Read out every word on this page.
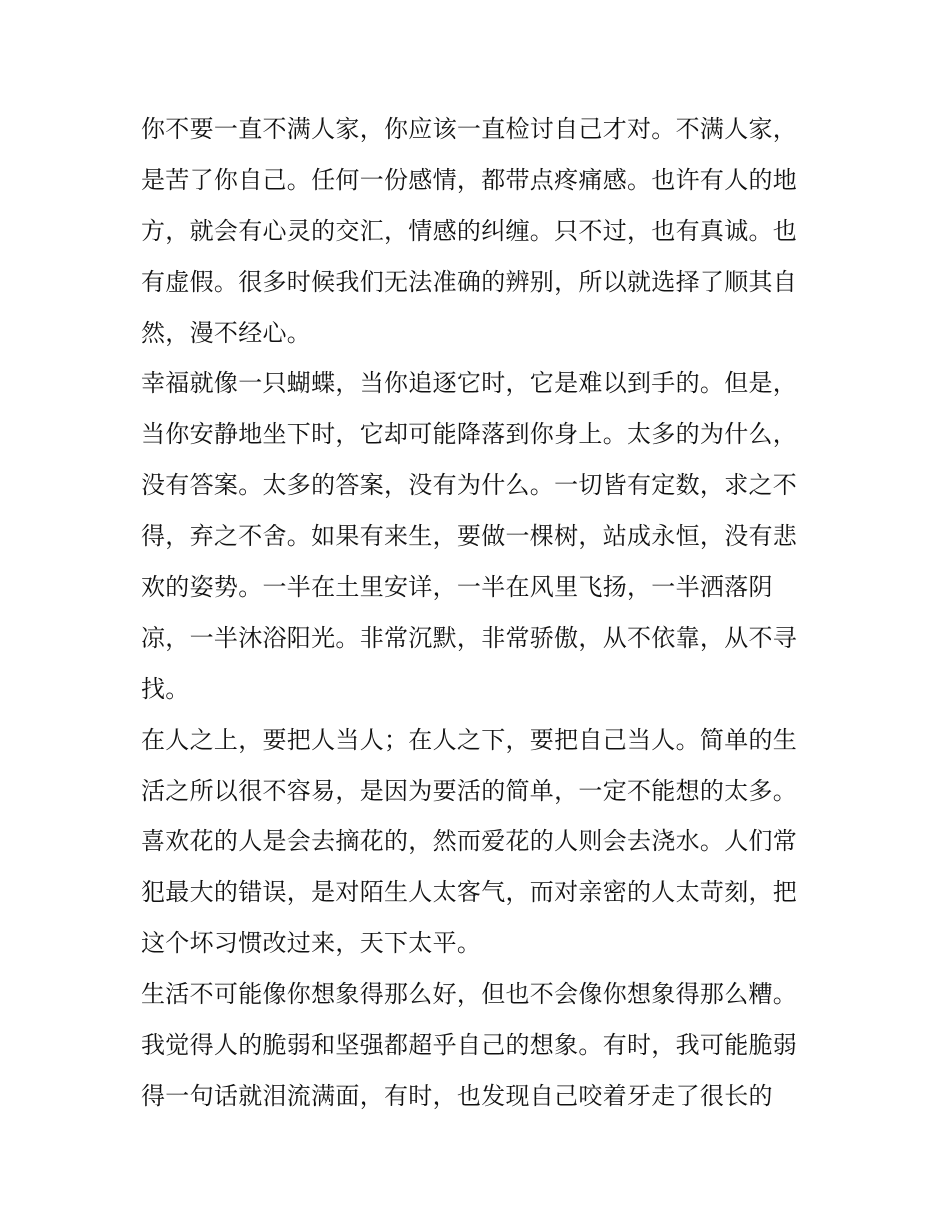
你不要一直不满人家，你应该一直检讨自己才对。不满人家，
是苦了你自己。任何一份感情，都带点疼痛感。也许有人的地
方，就会有心灵的交汇，情感的纠缠。只不过，也有真诚。也
有虚假。很多时候我们无法准确的辨别，所以就选择了顺其自
然，漫不经心。
幸福就像一只蝴蝶，当你追逐它时，它是难以到手的。但是，
当你安静地坐下时，它却可能降落到你身上。太多的为什么，
没有答案。太多的答案，没有为什么。一切皆有定数，求之不
得，弃之不舍。如果有来生，要做一棵树，站成永恒，没有悲
欢的姿势。一半在土里安详，一半在风里飞扬，一半洒落阴
凉，一半沐浴阳光。非常沉默，非常骄傲，从不依靠，从不寻
找。
在人之上，要把人当人；在人之下，要把自己当人。简单的生
活之所以很不容易，是因为要活的简单，一定不能想的太多。
喜欢花的人是会去摘花的，然而爱花的人则会去浇水。人们常
犯最大的错误，是对陌生人太客气，而对亲密的人太苛刻，把
这个坏习惯改过来，天下太平。
生活不可能像你想象得那么好，但也不会像你想象得那么糟。
我觉得人的脆弱和坚强都超乎自己的想象。有时，我可能脆弱
得一句话就泪流满面，有时，也发现自己咬着牙走了很长的
